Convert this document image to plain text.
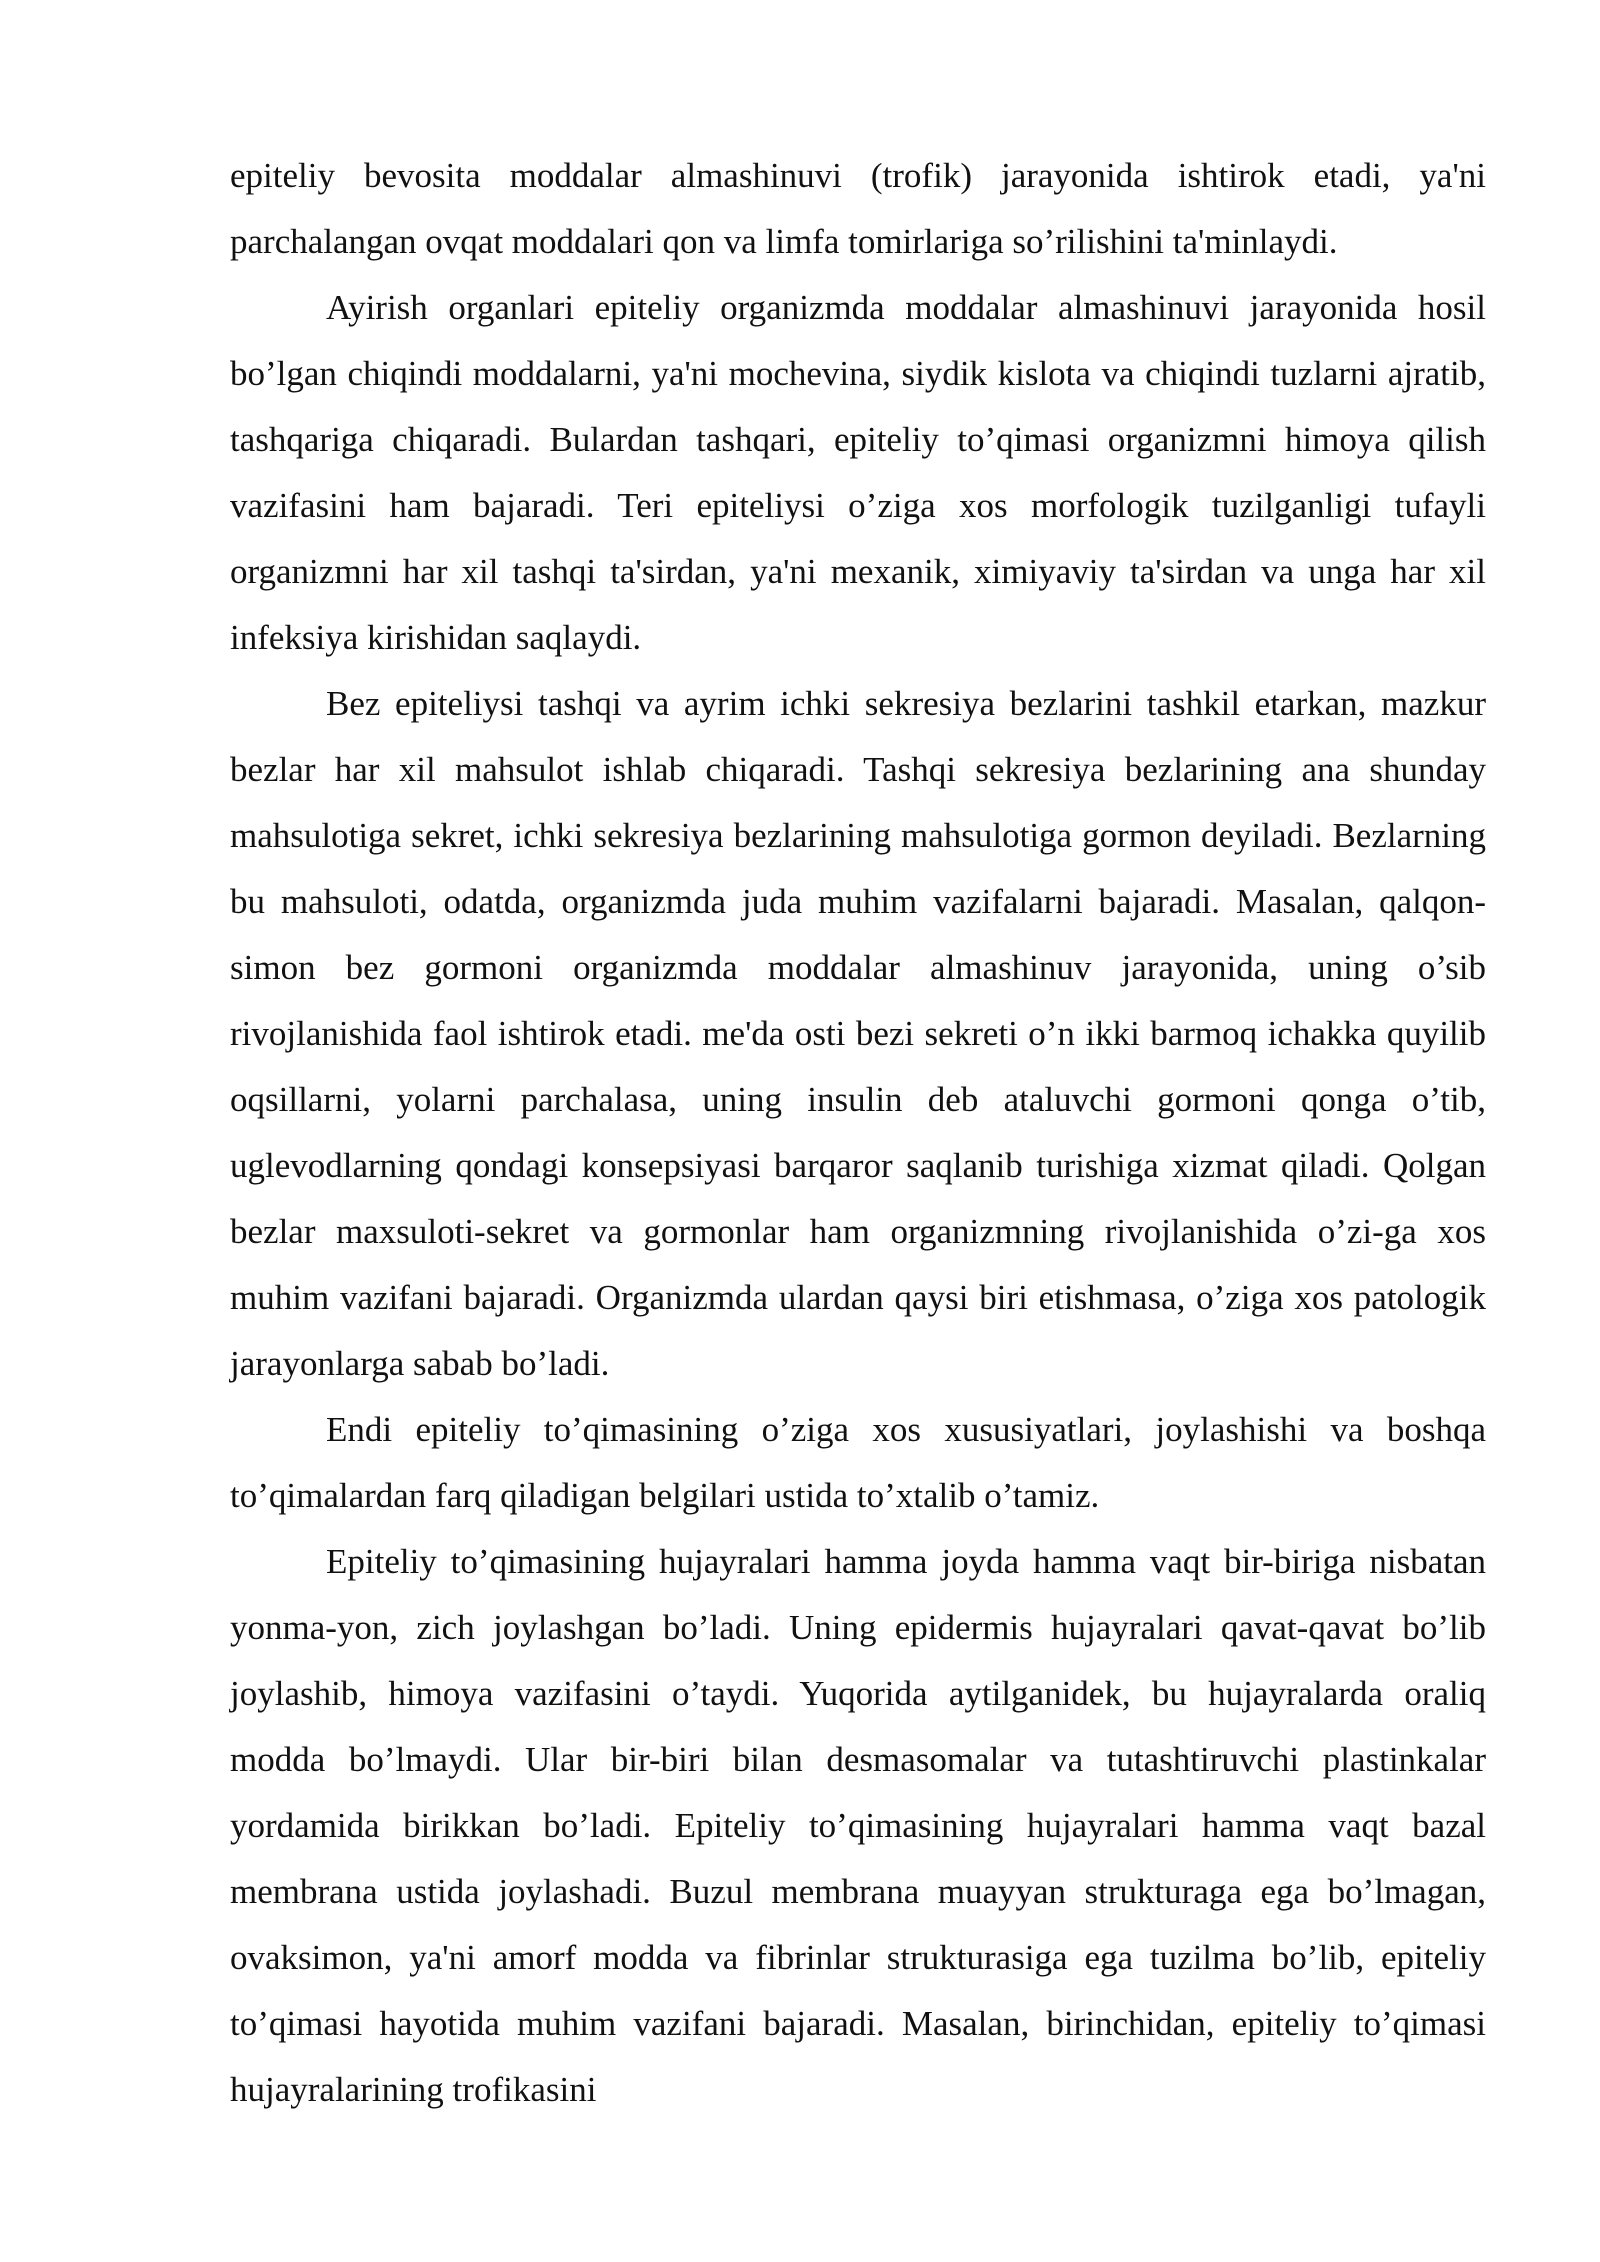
epiteliy bevosita moddalar almashinuvi (trofik) jarayonida ishtirok etadi, ya'ni parchalangan ovqat moddalari qon va limfa tomirlariga so’rilishini ta'minlaydi.

Ayirish organlari epiteliy organizmda moddalar almashinuvi jarayonida hosil bo’lgan chiqindi moddalarni, ya'ni mochevina, siydik kislota va chiqindi tuzlarni ajratib, tashqariga chiqaradi. Bulardan tashqari, epiteliy to’qimasi organizmni himoya qilish vazifasini ham bajaradi. Teri epiteliysi o’ziga xos morfologik tuzilganligi tufayli organizmni har xil tashqi ta'sirdan, ya'ni mexanik, ximiyaviy ta'sirdan va unga har xil infeksiya kirishidan saqlaydi.

Bez epiteliysi tashqi va ayrim ichki sekresiya bezlarini tashkil etarkan, mazkur bezlar har xil mahsulot ishlab chiqaradi. Tashqi sekresiya bezlarining ana shunday mahsulotiga sekret, ichki sekresiya bezlarining mahsulotiga gormon deyiladi. Bezlarning bu mahsuloti, odatda, organizmda juda muhim vazifalarni bajaradi. Masalan, qalqon-simon bez gormoni organizmda moddalar almashinuv jarayonida, uning o’sib rivojlanishida faol ishtirok etadi. me'da osti bezi sekreti o’n ikki barmoq ichakka quyilib oqsillarni, yolarni parchalasa, uning insulin deb ataluvchi gormoni qonga o’tib, uglevodlarning qondagi konsepsiyasi barqaror saqlanib turishiga xizmat qiladi. Qolgan bezlar maxsuloti-sekret va gormonlar ham organizmning rivojlanishida o’zi-ga xos muhim vazifani bajaradi. Organizmda ulardan qaysi biri etishmasa, o’ziga xos patologik jarayonlarga sabab bo’ladi.

Endi epiteliy to’qimasining o’ziga xos xususiyatlari, joylashishi va boshqa to’qimalardan farq qiladigan belgilari ustida to’xtalib o’tamiz.

Epiteliy to’qimasining hujayralari hamma joyda hamma vaqt bir-biriga nisbatan yonma-yon, zich joylashgan bo’ladi. Uning epidermis hujayralari qavat-qavat bo’lib joylashib, himoya vazifasini o’taydi. Yuqorida aytilganidek, bu hujayralarda oraliq modda bo’lmaydi. Ular bir-biri bilan desmasomalar va tutashtiruvchi plastinkalar yordamida birikkan bo’ladi. Epiteliy to’qimasining hujayralari hamma vaqt bazal membrana ustida joylashadi. Buzul membrana muayyan strukturaga ega bo’lmagan, ovaksimon, ya'ni amorf modda va fibrinlar strukturasiga ega tuzilma bo’lib, epiteliy to’qimasi hayotida muhim vazifani bajaradi. Masalan, birinchidan, epiteliy to’qimasi hujayralarining trofikasini
